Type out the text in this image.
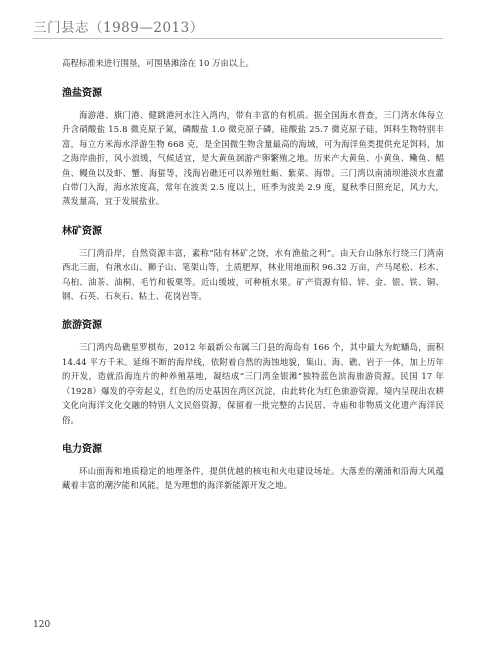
三门县志（1989—2013）

高程标准来进行围垦，可围垦滩涂在 10 万亩以上。

渔盐资源

海游港、旗门港、健跳港河水注入湾内，带有丰富的有机质。据全国海水普查，三门湾水体每立升含硝酸盐 15.8 微克原子氮，磷酸盐 1.0 微克原子磷，硅酸盐 25.7 微克原子硅，饵料生物特别丰富，每立方米海水浮游生物 668 克，是全国微生物含量最高的海域，可为海洋鱼类提供充足饵料，加之海岸曲折，风小浪缓，气候适宜，是大黄鱼洄游产卵繁殖之地。历来产大黄鱼、小黄鱼、鳓鱼、鲳鱼、鳗鱼以及虾、蟹、海蜇等，浅海岩礁还可以养殖牡蛎、紫菜、海带。三门湾以南浦坝港淡水直灌白带门入海，海水浓度高，常年在波美 2.5 度以上，旺季为波美 2.9 度，夏秋季日照充足，风力大，蒸发量高，宜于发展盐业。

林矿资源

三门湾沿岸，自然资源丰富，素称“陆有林矿之饶，水有渔盐之利”。由天台山脉东行绕三门湾南西北三面，有湫水山、狮子山、笔架山等，土质肥厚，林业用地面积 96.32 万亩，产马尾松、杉木、乌桕、油茶、油桐、毛竹和板栗等。近山缓坡，可种植水果。矿产资源有铅、锌、金、银、铁、铜、钢、石英、石灰石、粘土、花岗岩等。

旅游资源

三门湾内岛礁星罗棋布，2012 年最新公布属三门县的海岛有 166 个，其中最大为蛇蟠岛，面积 14.44 平方千米。延绵不断的海岸线，依附着自然的海蚀地貌，集山、海、礁、岩于一体，加上历年的开发，造就沿海连片的种养殖基地，凝结成“三门湾金银滩”独特蓝色滨海旅游资源。民国 17 年（1928）爆发的亭旁起义，红色的历史基因在湾区沉淀，由此转化为红色旅游资源。境内呈现出农耕文化向海洋文化交融的特别人文民俗资源，保留着一批完整的古民居、寺庙和非物质文化遗产海洋民俗。

电力资源

环山面海和地质稳定的地理条件，提供优越的核电和火电建设场址。大落差的潮涌和沿海大风蕴藏着丰富的潮汐能和风能，是为理想的海洋新能源开发之地。

120
